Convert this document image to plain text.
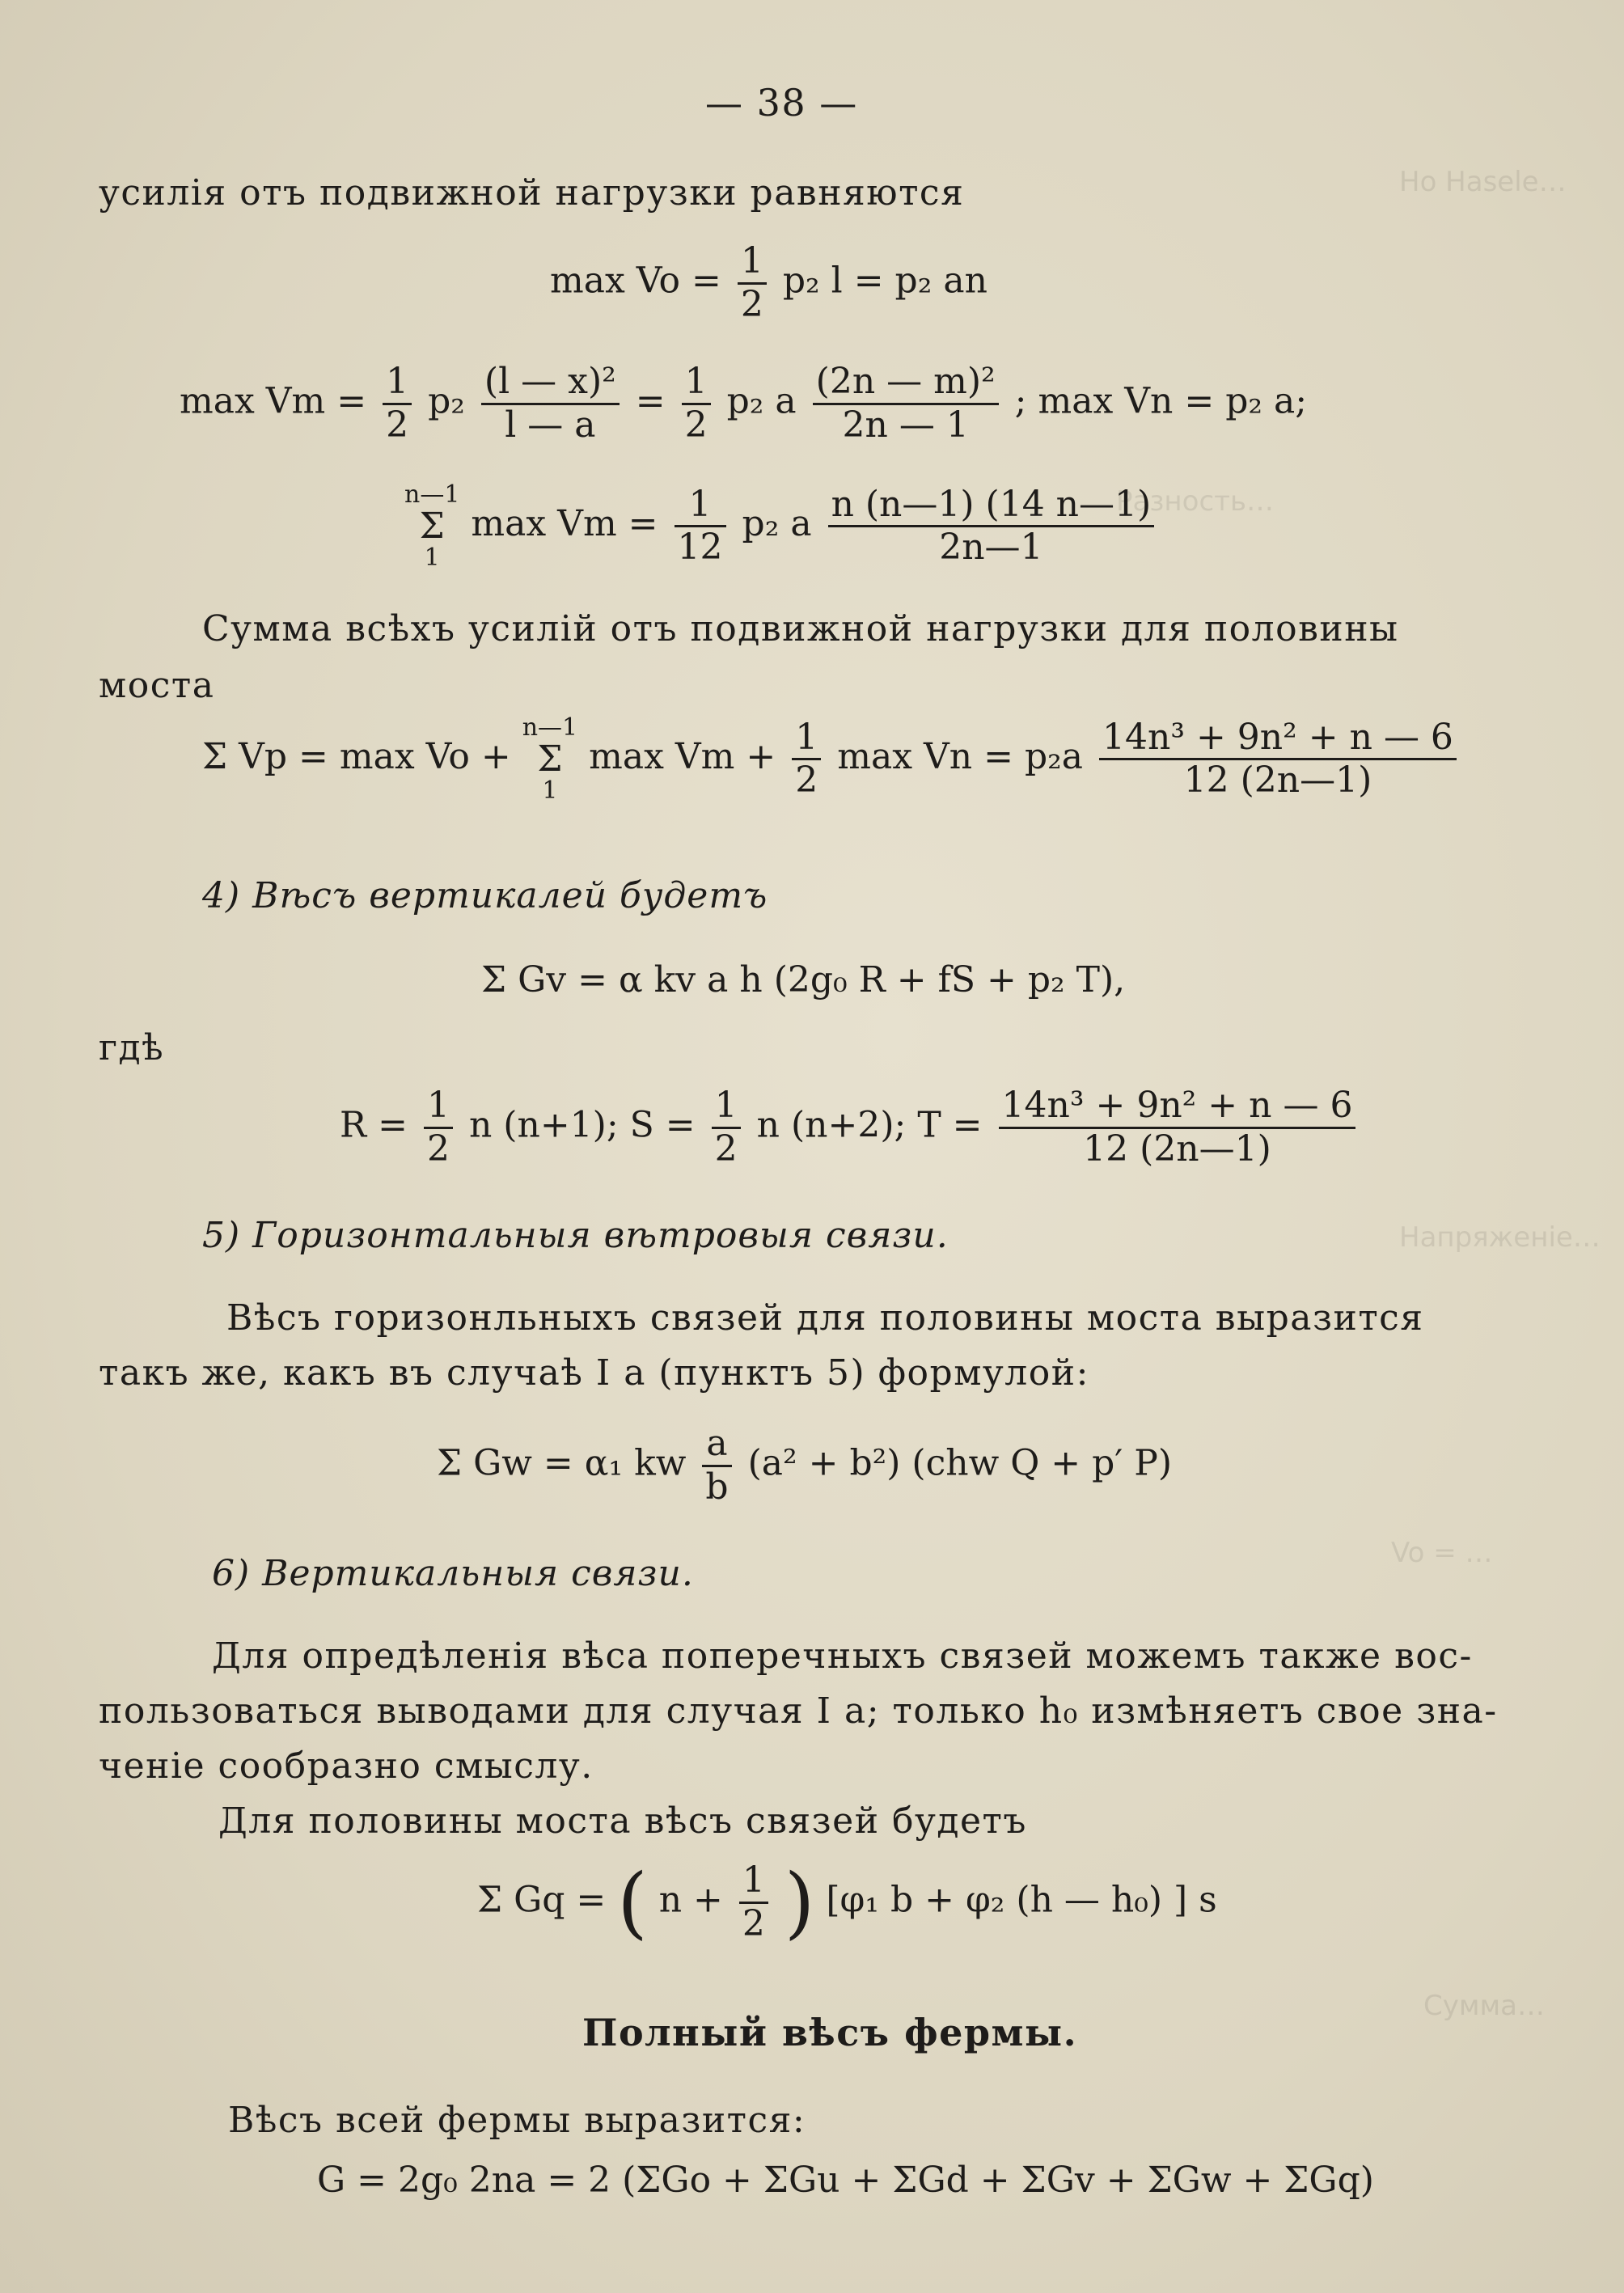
Но Hasele…
Разность…
Напряженіе…
Vo = …
Сумма…
— 38 —
усилія отъ подвижной нагрузки равняются
$\max Vo = \frac{1}{2} p_2$ l = p₂ an
$\max Vm = \frac{1}{2} p_2 \frac{\text{(l — x)²}}{l — a} = \frac{1}{2} p_2$ a $\frac{\text{(2n — m)²}}{2n — 1}$ ; max Vn = p₂ a;
n—1
Σ
1
$\max Vm = \frac{1}{12} p_2$ a $\frac{n (n—1) (14 n—1)}{2n—1}$
Сумма всѣхъ усилій отъ подвижной нагрузки для половины
моста
Σ Vp = max Vo +
n—1
Σ
1
$\max Vm + \frac{1}{2}$ $\max Vn = p_2a \frac{\text{14n³ + 9n² + n — 6}}{12 (2n—1)}$
4) Вѣсъ вертикалей будетъ
Σ Gv = α kv a h (2g₀ R + fS + p₂ T),
гдѣ
$R = \frac{1}{2}$ n (n+1); $S = \frac{1}{2}$ n (n+2); $T = \frac{\text{14n³ + 9n² + n — 6}}{12 (2n—1)}$
5) Горизонтальныя вѣтровыя связи.
Вѣсъ горизонльныхъ связей для половины моста выразится
такъ же, какъ въ случаѣ I a (пунктъ 5) формулой:
Σ Gw = α₁ kw $\frac{a}{b} (a^2 + b^2)$ (chw Q + p′ P)
6) Вертикальныя связи.
Для опредѣленія вѣса поперечныхъ связей можемъ также вос-
пользоваться выводами для случая I a; только h₀ измѣняетъ свое зна-
ченіе сообразно смыслу.
Для половины моста вѣсъ связей будетъ
Σ Gq = ( $n + \frac{1}{2}$ ) [φ₁ b + φ₂ (h — h₀) ] s
Полный вѣсъ фермы.
Вѣсъ всей фермы выразится:
G = 2g₀ 2na = 2 (ΣGo + ΣGu + ΣGd + ΣGv + ΣGw + ΣGq)
